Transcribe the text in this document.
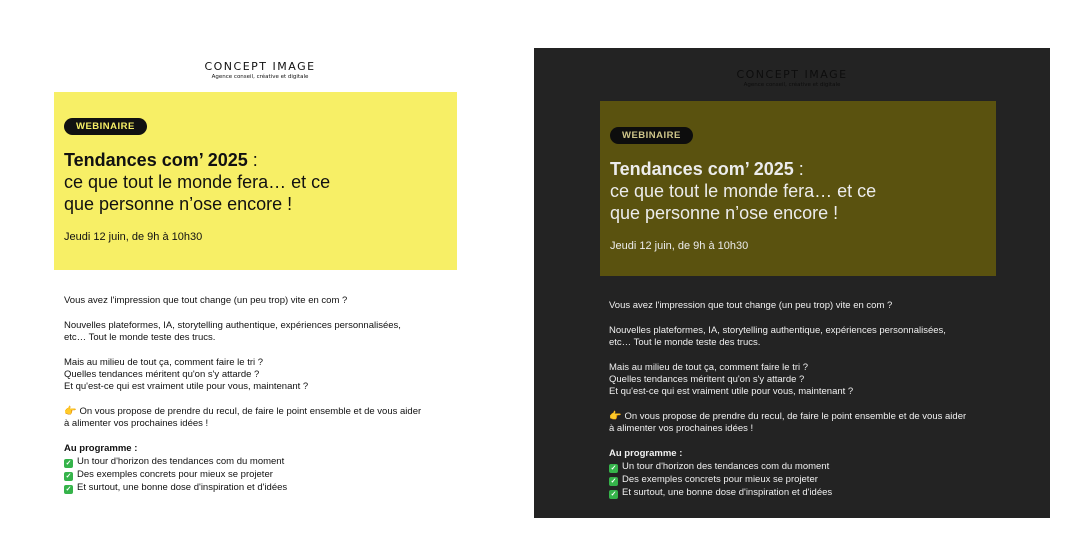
CONCEPT IMAGE
Agence conseil, créative et digitale
WEBINAIRE
Tendances com’ 2025 :
ce que tout le monde fera… et ce
que personne n’ose encore !
Jeudi 12 juin, de 9h à 10h30

Vous avez l'impression que tout change (un peu trop) vite en com ?

Nouvelles plateformes, IA, storytelling authentique, expériences personnalisées,
etc… Tout le monde teste des trucs.

Mais au milieu de tout ça, comment faire le tri ?
Quelles tendances méritent qu'on s'y attarde ?
Et qu'est-ce qui est vraiment utile pour vous, maintenant ?

👉 On vous propose de prendre du recul, de faire le point ensemble et de vous aider
à alimenter vos prochaines idées !

Au programme :
✓ Un tour d'horizon des tendances com du moment
✓ Des exemples concrets pour mieux se projeter
✓ Et surtout, une bonne dose d'inspiration et d'idées
CONCEPT IMAGE
Agence conseil, créative et digitale
WEBINAIRE
Tendances com’ 2025 :
ce que tout le monde fera… et ce
que personne n’ose encore !
Jeudi 12 juin, de 9h à 10h30

Vous avez l'impression que tout change (un peu trop) vite en com ?

Nouvelles plateformes, IA, storytelling authentique, expériences personnalisées,
etc… Tout le monde teste des trucs.

Mais au milieu de tout ça, comment faire le tri ?
Quelles tendances méritent qu'on s'y attarde ?
Et qu'est-ce qui est vraiment utile pour vous, maintenant ?

👉 On vous propose de prendre du recul, de faire le point ensemble et de vous aider
à alimenter vos prochaines idées !

Au programme :
✓ Un tour d'horizon des tendances com du moment
✓ Des exemples concrets pour mieux se projeter
✓ Et surtout, une bonne dose d'inspiration et d'idées
